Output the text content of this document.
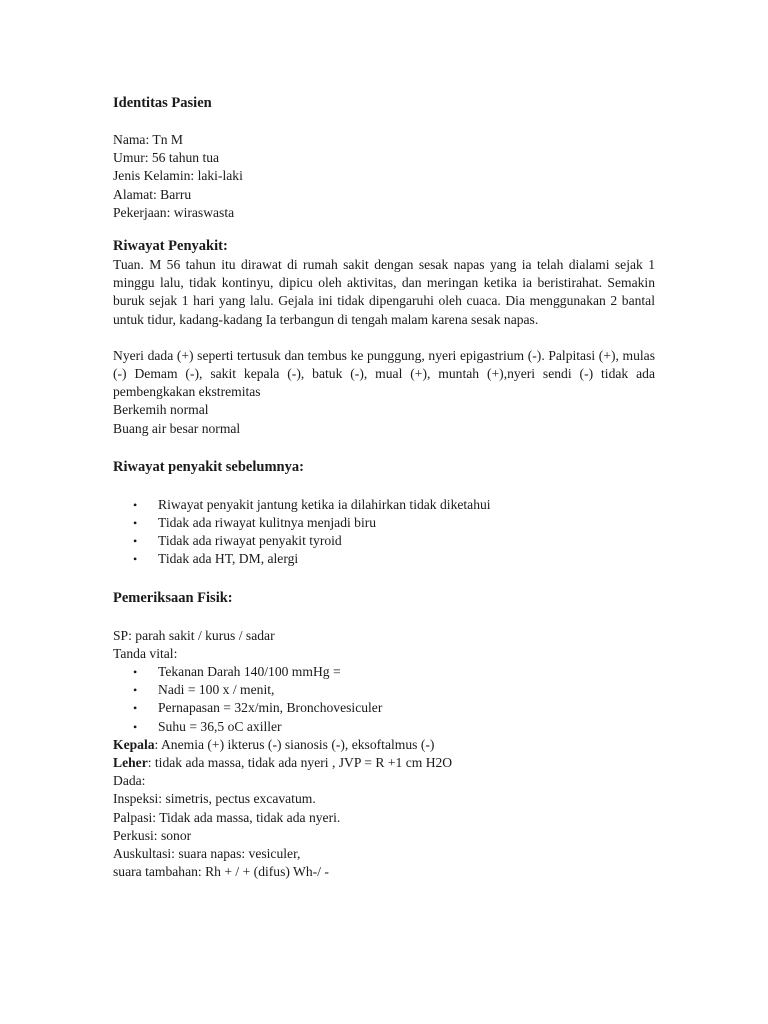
Identitas Pasien

Nama: Tn M

Umur: 56 tahun tua

Jenis Kelamin: laki-laki

Alamat: Barru

Pekerjaan: wiraswasta

Riwayat Penyakit:

Tuan. M 56 tahun itu dirawat di rumah sakit dengan sesak napas yang ia telah dialami sejak 1 minggu lalu, tidak kontinyu, dipicu oleh aktivitas, dan meringan ketika ia beristirahat. Semakin buruk sejak 1 hari yang lalu. Gejala ini tidak dipengaruhi oleh cuaca. Dia menggunakan 2 bantal untuk tidur, kadang-kadang Ia terbangun di tengah malam karena sesak napas.

Nyeri dada (+) seperti tertusuk dan tembus ke punggung, nyeri epigastrium (-). Palpitasi (+), mulas (-) Demam (-), sakit kepala (-), batuk (-), mual (+), muntah (+),nyeri sendi (-) tidak ada pembengkakan ekstremitas

Berkemih normal

Buang air besar normal

Riwayat penyakit sebelumnya:
• Riwayat penyakit jantung ketika ia dilahirkan tidak diketahui
• Tidak ada riwayat kulitnya menjadi biru
• Tidak ada riwayat penyakit tyroid
• Tidak ada HT, DM, alergi
Pemeriksaan Fisik:

SP: parah sakit / kurus / sadar

Tanda vital:

• Tekanan Darah 140/100 mmHg =
• Nadi = 100 x / menit,
• Pernapasan = 32x/min, Bronchovesiculer
• Suhu = 36,5 oC axiller

Kepala: Anemia (+) ikterus (-) sianosis (-), eksoftalmus (-)

Leher: tidak ada massa, tidak ada nyeri , JVP = R +1 cm H2O

Dada:

Inspeksi: simetris, pectus excavatum.

Palpasi: Tidak ada massa, tidak ada nyeri.

Perkusi: sonor

Auskultasi: suara napas: vesiculer,

suara tambahan: Rh + / + (difus) Wh-/ -
